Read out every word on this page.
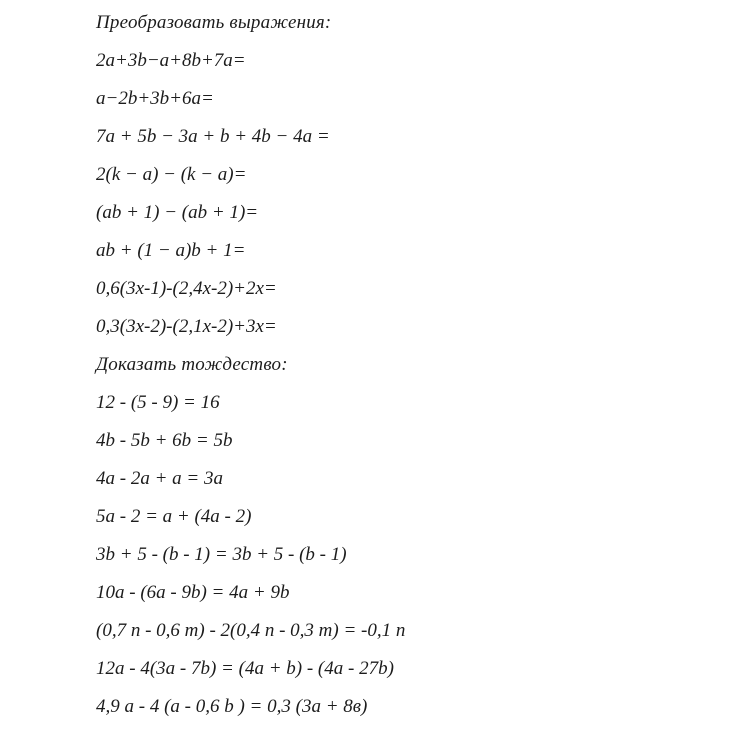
Преобразовать выражения:
2a+3b−a+8b+7a=
a−2b+3b+6a=
7a + 5b − 3a + b + 4b − 4a =
2(k − a) − (k − a)=
(ab + 1) − (ab + 1)=
ab + (1 − a)b + 1=
0,6(3x-1)-(2,4x-2)+2x=
0,3(3x-2)-(2,1x-2)+3x=
Доказать тождество:
12 - (5 - 9) = 16
4b - 5b + 6b = 5b
4a - 2a + a = 3a
5a - 2 = a + (4a - 2)
3b + 5 - (b - 1) = 3b + 5 - (b - 1)
10a - (6a - 9b) = 4a + 9b
(0,7 n - 0,6 m) - 2(0,4 n - 0,3 m) = -0,1 n
12a - 4(3a - 7b) = (4a + b) - (4a - 27b)
4,9 a - 4 (a - 0,6 b ) = 0,3 (3a + 8в)
